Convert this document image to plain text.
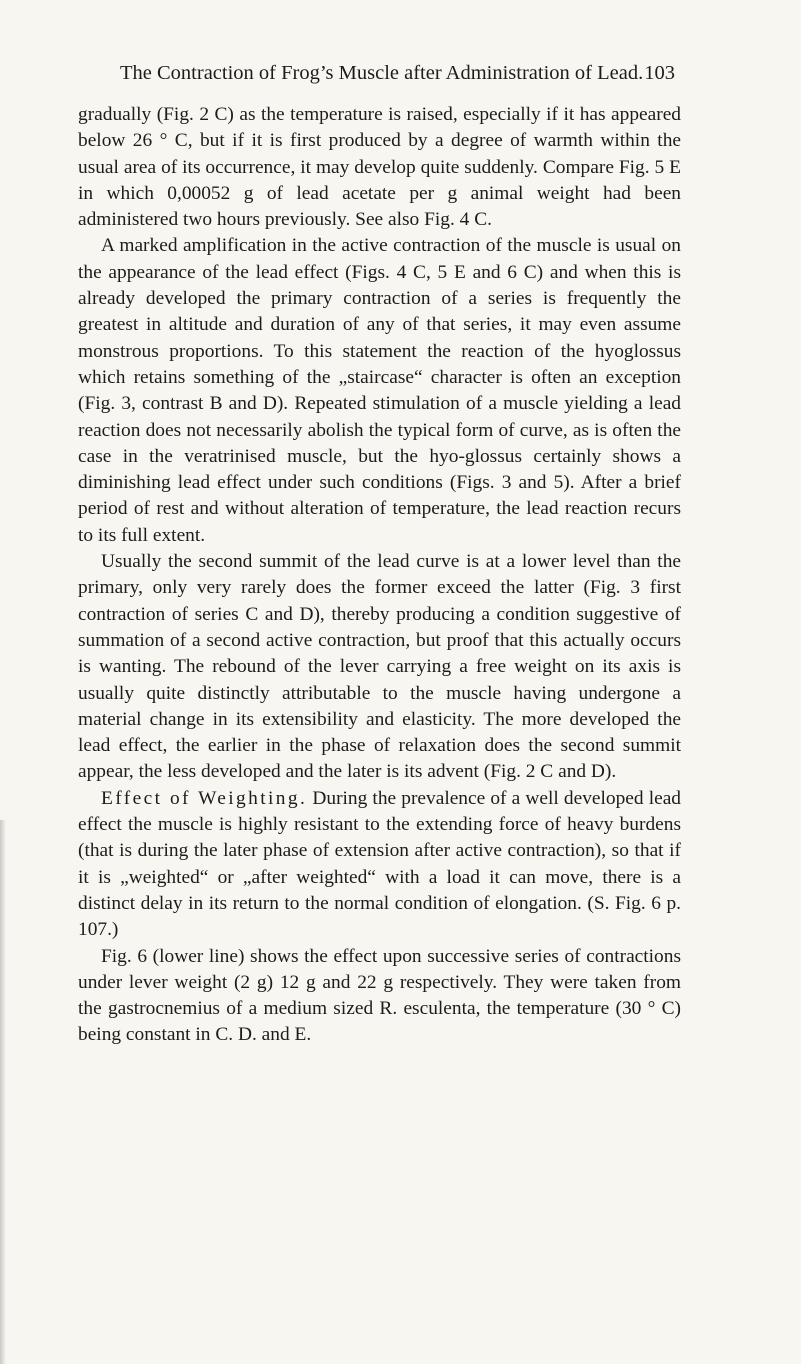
The Contraction of Frog’s Muscle after Administration of Lead. 103

gradually (Fig. 2 C) as the temperature is raised, especially if it has appeared below 26 ° C, but if it is first produced by a degree of warmth within the usual area of its occurrence, it may develop quite suddenly. Compare Fig. 5 E in which 0,00052 g of lead acetate per g animal weight had been administered two hours previously. See also Fig. 4 C.

A marked amplification in the active contraction of the muscle is usual on the appearance of the lead effect (Figs. 4 C, 5 E and 6 C) and when this is already developed the primary contraction of a series is frequently the greatest in altitude and duration of any of that series, it may even assume monstrous proportions. To this statement the reaction of the hyoglossus which retains something of the „staircase“ character is often an exception (Fig. 3, contrast B and D). Repeated stimulation of a muscle yielding a lead reaction does not necessarily abolish the typical form of curve, as is often the case in the veratrinised muscle, but the hyo-glossus certainly shows a diminishing lead effect under such conditions (Figs. 3 and 5). After a brief period of rest and without alteration of temperature, the lead reaction recurs to its full extent.

Usually the second summit of the lead curve is at a lower level than the primary, only very rarely does the former exceed the latter (Fig. 3 first contraction of series C and D), thereby producing a condition suggestive of summation of a second active contraction, but proof that this actually occurs is wanting. The rebound of the lever carrying a free weight on its axis is usually quite distinctly attributable to the muscle having undergone a material change in its extensibility and elasticity. The more developed the lead effect, the earlier in the phase of relaxation does the second summit appear, the less developed and the later is its advent (Fig. 2 C and D).

Effect of Weighting. During the prevalence of a well developed lead effect the muscle is highly resistant to the extending force of heavy burdens (that is during the later phase of extension after active contraction), so that if it is „weighted“ or „after weighted“ with a load it can move, there is a distinct delay in its return to the normal condition of elongation. (S. Fig. 6 p. 107.)

Fig. 6 (lower line) shows the effect upon successive series of contractions under lever weight (2 g) 12 g and 22 g respectively. They were taken from the gastrocnemius of a medium sized R. esculenta, the temperature (30 ° C) being constant in C. D. and E.
